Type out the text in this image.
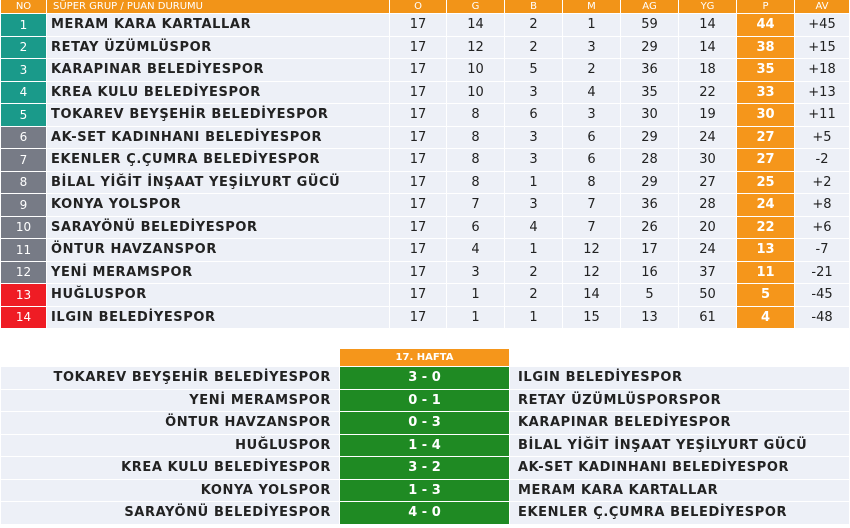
NO	SÜPER GRUP / PUAN DURUMU	O	G	B	M	AG	YG	P	AV
1	MERAM KARA KARTALLAR	17	14	2	1	59	14	44	+45
2	RETAY ÜZÜMLÜSPOR	17	12	2	3	29	14	38	+15
3	KARAPINAR BELEDİYESPOR	17	10	5	2	36	18	35	+18
4	KREA KULU BELEDİYESPOR	17	10	3	4	35	22	33	+13
5	TOKAREV BEYŞEHİR BELEDİYESPOR	17	8	6	3	30	19	30	+11
6	AK-SET KADINHANI BELEDİYESPOR	17	8	3	6	29	24	27	+5
7	EKENLER Ç.ÇUMRA BELEDİYESPOR	17	8	3	6	28	30	27	-2
8	BİLAL YİĞİT İNŞAAT YEŞİLYURT GÜCÜ	17	8	1	8	29	27	25	+2
9	KONYA YOLSPOR	17	7	3	7	36	28	24	+8
10	SARAYÖNÜ BELEDİYESPOR	17	6	4	7	26	20	22	+6
11	ÖNTUR HAVZANSPOR	17	4	1	12	17	24	13	-7
12	YENİ MERAMSPOR	17	3	2	12	16	37	11	-21
13	HUĞLUSPOR	17	1	2	14	5	50	5	-45
14	ILGIN BELEDİYESPOR	17	1	1	15	13	61	4	-48
	17. HAFTA	
TOKAREV BEYŞEHİR BELEDİYESPOR	3 - 0	ILGIN BELEDİYESPOR
YENİ MERAMSPOR	0 - 1	RETAY ÜZÜMLÜSPORSPOR
ÖNTUR HAVZANSPOR	0 - 3	KARAPINAR BELEDİYESPOR
HUĞLUSPOR	1 - 4	BİLAL YİĞİT İNŞAAT YEŞİLYURT GÜCÜ
KREA KULU BELEDİYESPOR	3 - 2	AK-SET KADINHANI BELEDİYESPOR
KONYA YOLSPOR	1 - 3	MERAM KARA KARTALLAR
SARAYÖNÜ BELEDİYESPOR	4 - 0	EKENLER Ç.ÇUMRA BELEDİYESPOR
